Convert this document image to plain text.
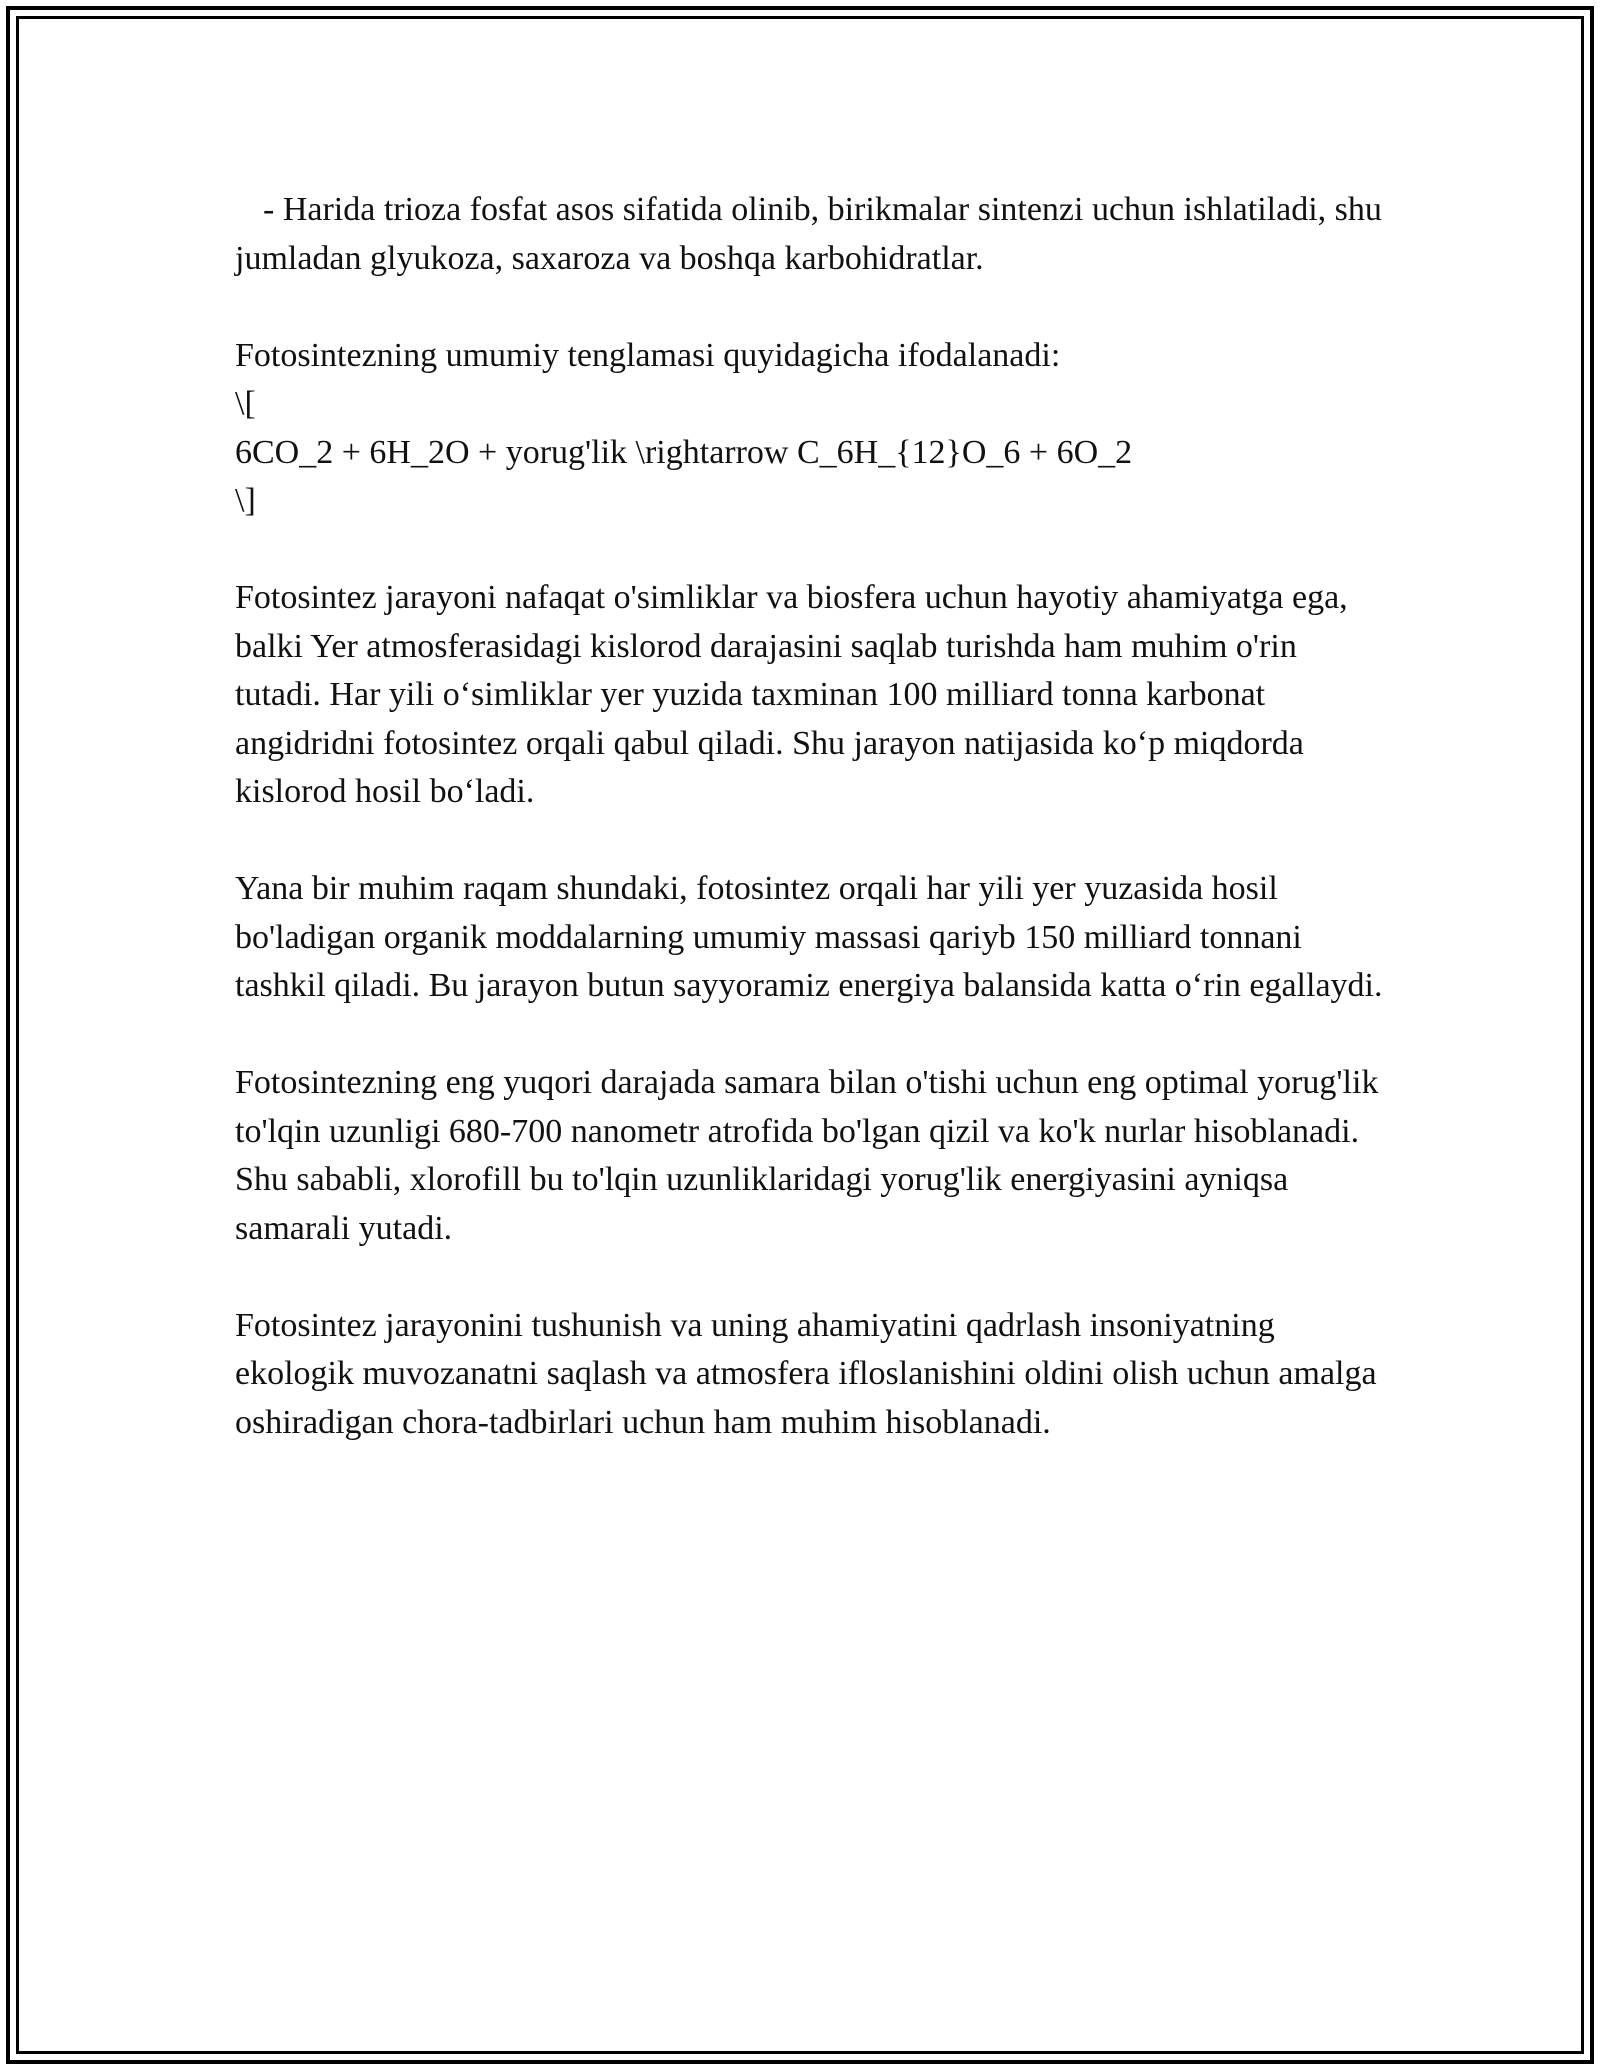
- Harida trioza fosfat asos sifatida olinib, birikmalar sintenzi uchun ishlatiladi, shu jumladan glyukoza, saxaroza va boshqa karbohidratlar.

Fotosintezning umumiy tenglamasi quyidagicha ifodalanadi:
\[
6CO_2 + 6H_2O + yorug'lik \rightarrow C_6H_{12}O_6 + 6O_2
\]

Fotosintez jarayoni nafaqat o'simliklar va biosfera uchun hayotiy ahamiyatga ega, balki Yer atmosferasidagi kislorod darajasini saqlab turishda ham muhim o'rin tutadi. Har yili o‘simliklar yer yuzida taxminan 100 milliard tonna karbonat angidridni fotosintez orqali qabul qiladi. Shu jarayon natijasida ko‘p miqdorda kislorod hosil bo‘ladi.

Yana bir muhim raqam shundaki, fotosintez orqali har yili yer yuzasida hosil bo'ladigan organik moddalarning umumiy massasi qariyb 150 milliard tonnani tashkil qiladi. Bu jarayon butun sayyoramiz energiya balansida katta o‘rin egallaydi.

Fotosintezning eng yuqori darajada samara bilan o'tishi uchun eng optimal yorug'lik to'lqin uzunligi 680-700 nanometr atrofida bo'lgan qizil va ko'k nurlar hisoblanadi. Shu sababli, xlorofill bu to'lqin uzunliklaridagi yorug'lik energiyasini ayniqsa samarali yutadi.

Fotosintez jarayonini tushunish va uning ahamiyatini qadrlash insoniyatning ekologik muvozanatni saqlash va atmosfera ifloslanishini oldini olish uchun amalga oshiradigan chora-tadbirlari uchun ham muhim hisoblanadi.
